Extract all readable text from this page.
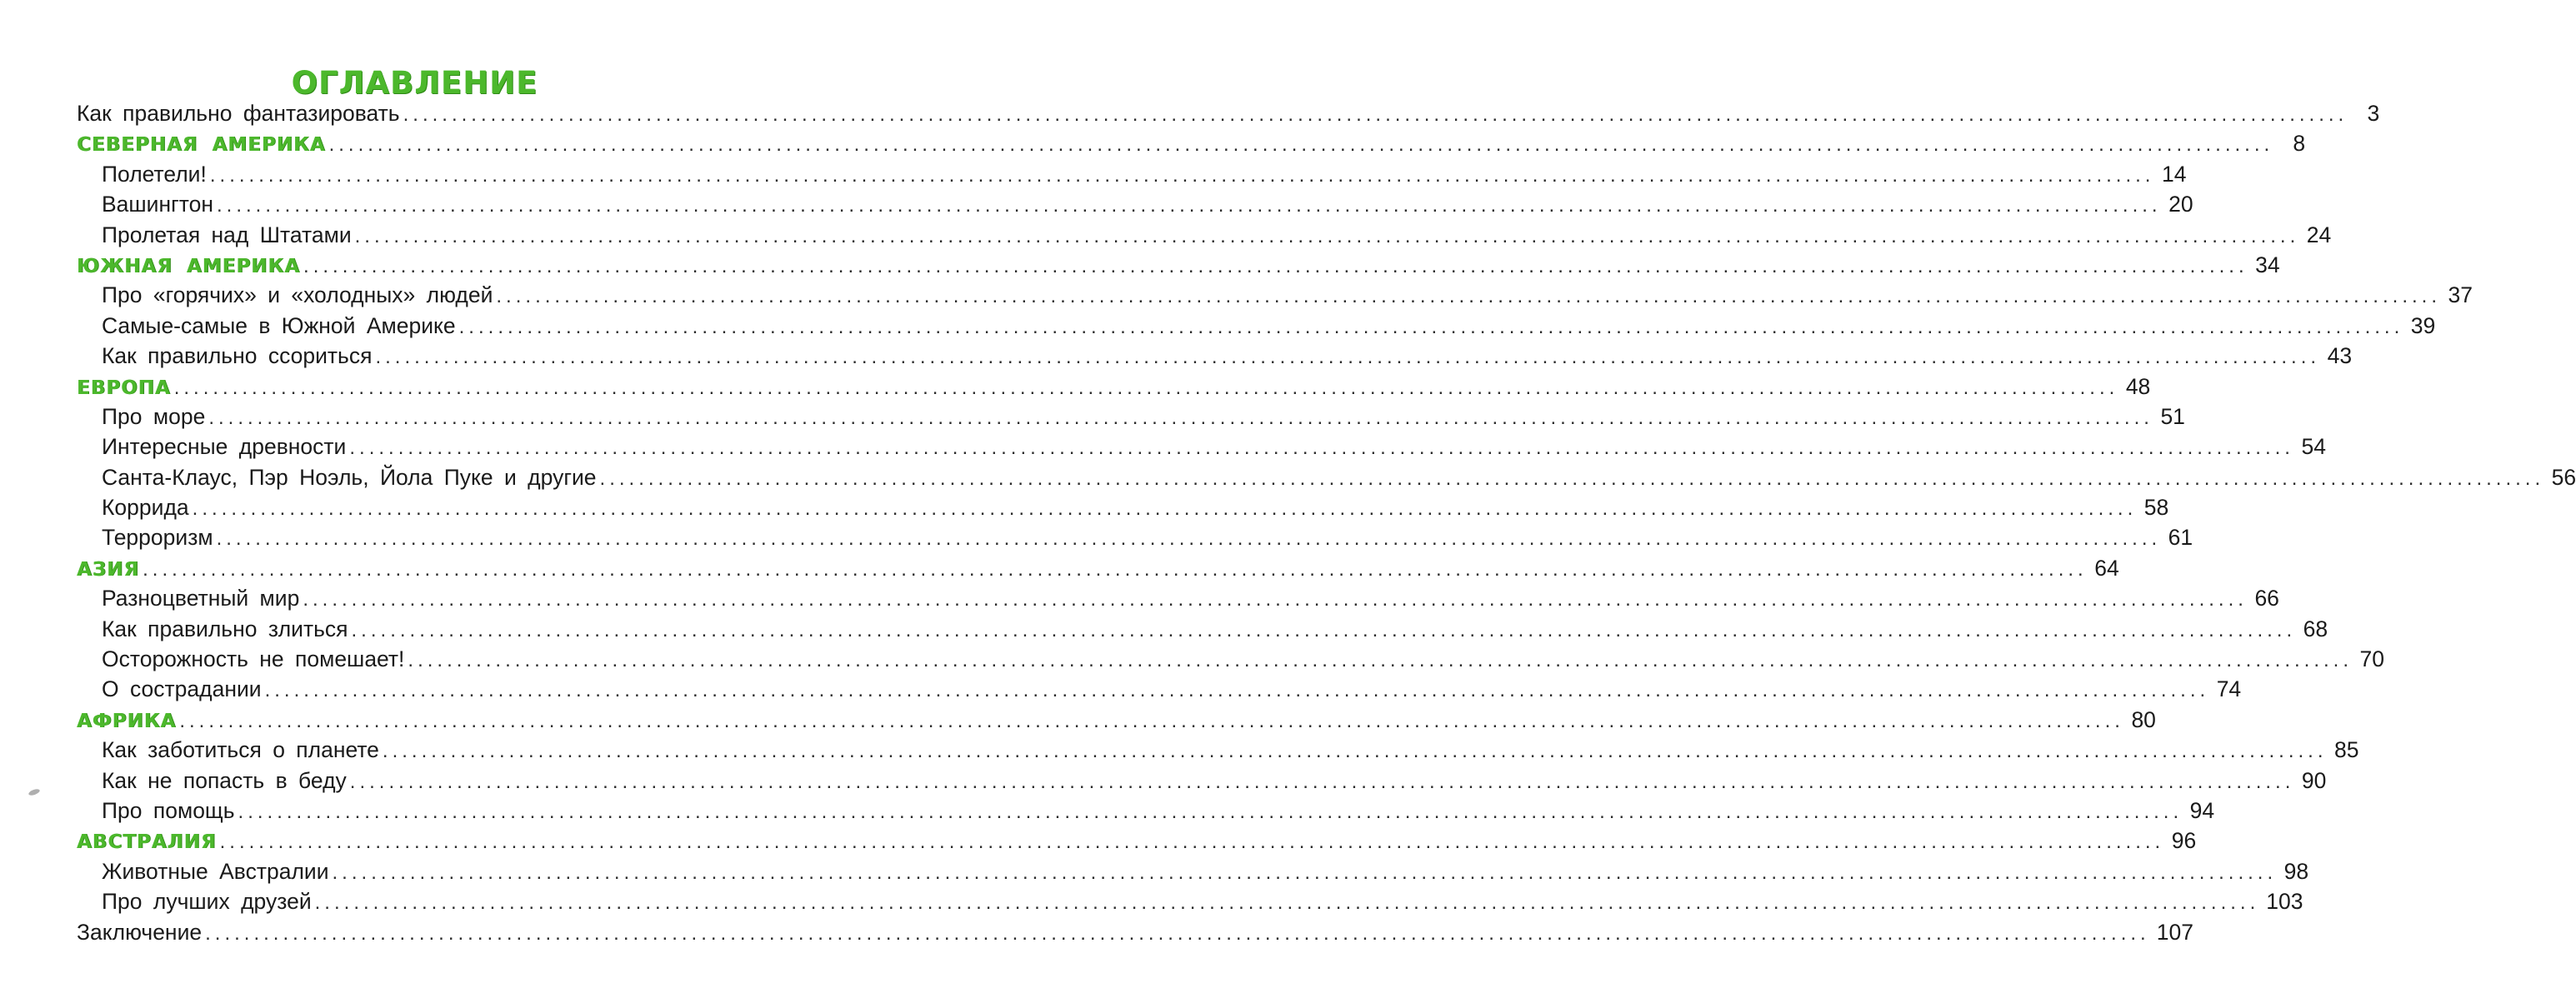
ОГЛАВЛЕНИЕ
Как правильно фантазировать ........................................................................................................................................................................................................ 3
СЕВЕРНАЯ АМЕРИКА ........................................................................................................................................................................................................ 8
Полетели! ........................................................................................................................................................................................................ 14
Вашингтон ........................................................................................................................................................................................................ 20
Пролетая над Штатами ........................................................................................................................................................................................................ 24
ЮЖНАЯ АМЕРИКА ........................................................................................................................................................................................................ 34
Про «горячих» и «холодных» людей ........................................................................................................................................................................................................ 37
Самые-самые в Южной Америке ........................................................................................................................................................................................................ 39
Как правильно ссориться ........................................................................................................................................................................................................ 43
ЕВРОПА ........................................................................................................................................................................................................ 48
Про море ........................................................................................................................................................................................................ 51
Интересные древности ........................................................................................................................................................................................................ 54
Санта-Клаус, Пэр Ноэль, Йола Пуке и другие ........................................................................................................................................................................................................ 56
Коррида ........................................................................................................................................................................................................ 58
Терроризм ........................................................................................................................................................................................................ 61
АЗИЯ ........................................................................................................................................................................................................ 64
Разноцветный мир ........................................................................................................................................................................................................ 66
Как правильно злиться ........................................................................................................................................................................................................ 68
Осторожность не помешает! ........................................................................................................................................................................................................ 70
О сострадании ........................................................................................................................................................................................................ 74
АФРИКА ........................................................................................................................................................................................................ 80
Как заботиться о планете ........................................................................................................................................................................................................ 85
Как не попасть в беду ........................................................................................................................................................................................................ 90
Про помощь ........................................................................................................................................................................................................ 94
АВСТРАЛИЯ ........................................................................................................................................................................................................ 96
Животные Австралии ........................................................................................................................................................................................................ 98
Про лучших друзей ........................................................................................................................................................................................................ 103
Заключение ........................................................................................................................................................................................................ 107
